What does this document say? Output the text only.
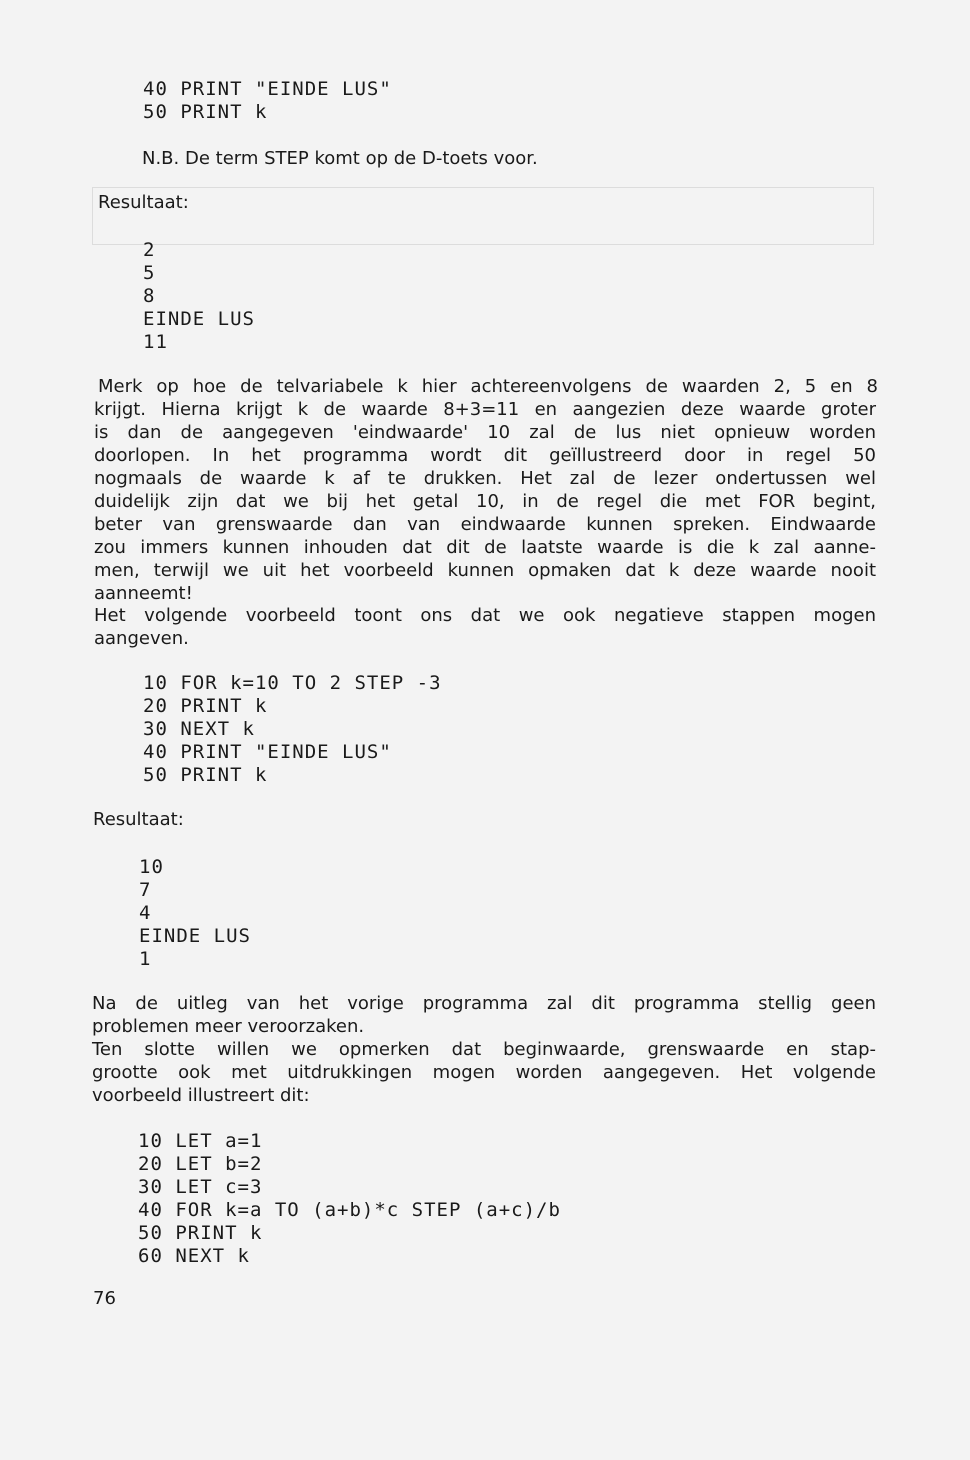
40 PRINT "EINDE LUS"
50 PRINT k
N.B. De term STEP komt op de D-toets voor.
Resultaat:
2
5
8
EINDE LUS
11
Merk op hoe de telvariabele k hier achtereenvolgens de waarden 2, 5 en 8
krijgt. Hierna krijgt k de waarde 8+3=11 en aangezien deze waarde groter
is dan de aangegeven 'eindwaarde' 10 zal de lus niet opnieuw worden
doorlopen. In het programma wordt dit geïllustreerd door in regel 50
nogmaals de waarde k af te drukken. Het zal de lezer ondertussen wel
duidelijk zijn dat we bij het getal 10, in de regel die met FOR begint,
beter van grenswaarde dan van eindwaarde kunnen spreken. Eindwaarde
zou immers kunnen inhouden dat dit de laatste waarde is die k zal aanne-
men, terwijl we uit het voorbeeld kunnen opmaken dat k deze waarde nooit
aanneemt!
Het volgende voorbeeld toont ons dat we ook negatieve stappen mogen
aangeven.
10 FOR k=10 TO 2 STEP -3
20 PRINT k
30 NEXT k
40 PRINT "EINDE LUS"
50 PRINT k
Resultaat:
10
7
4
EINDE LUS
1
Na de uitleg van het vorige programma zal dit programma stellig geen
problemen meer veroorzaken.
Ten slotte willen we opmerken dat beginwaarde, grenswaarde en stap-
grootte ook met uitdrukkingen mogen worden aangegeven. Het volgende
voorbeeld illustreert dit:
10 LET a=1
20 LET b=2
30 LET c=3
40 FOR k=a TO (a+b)*c STEP (a+c)/b
50 PRINT k
60 NEXT k
76
